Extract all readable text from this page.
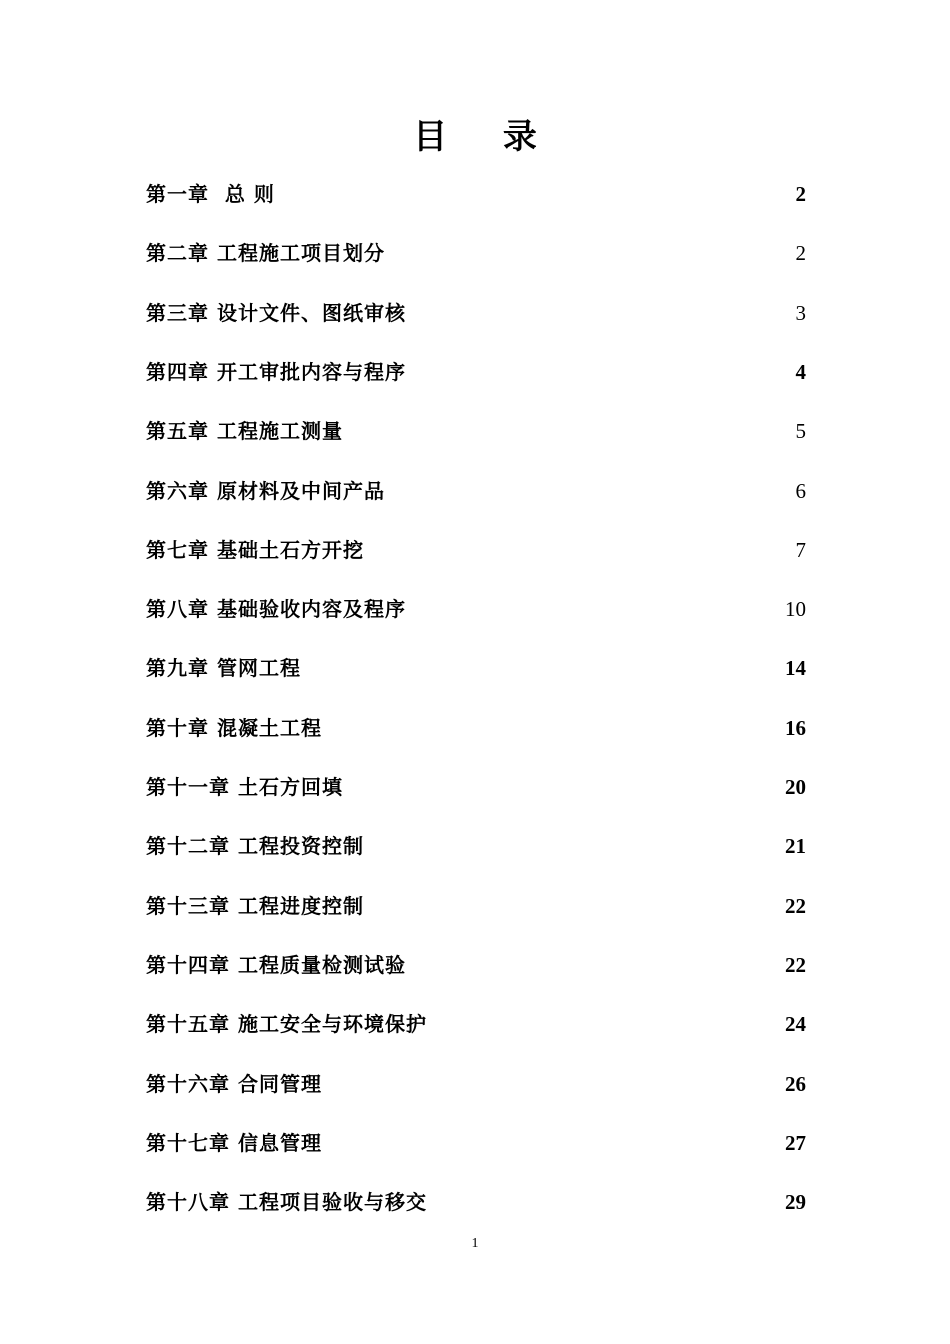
目 录
第一章  总 则	2
第二章 工程施工项目划分	2
第三章 设计文件、图纸审核	3
第四章 开工审批内容与程序	4
第五章 工程施工测量	5
第六章 原材料及中间产品	6
第七章 基础土石方开挖	7
第八章 基础验收内容及程序	10
第九章 管网工程	14
第十章 混凝土工程	16
第十一章 土石方回填	20
第十二章 工程投资控制	21
第十三章 工程进度控制	22
第十四章 工程质量检测试验	22
第十五章 施工安全与环境保护	24
第十六章 合同管理	26
第十七章 信息管理	27
第十八章 工程项目验收与移交	29
1
